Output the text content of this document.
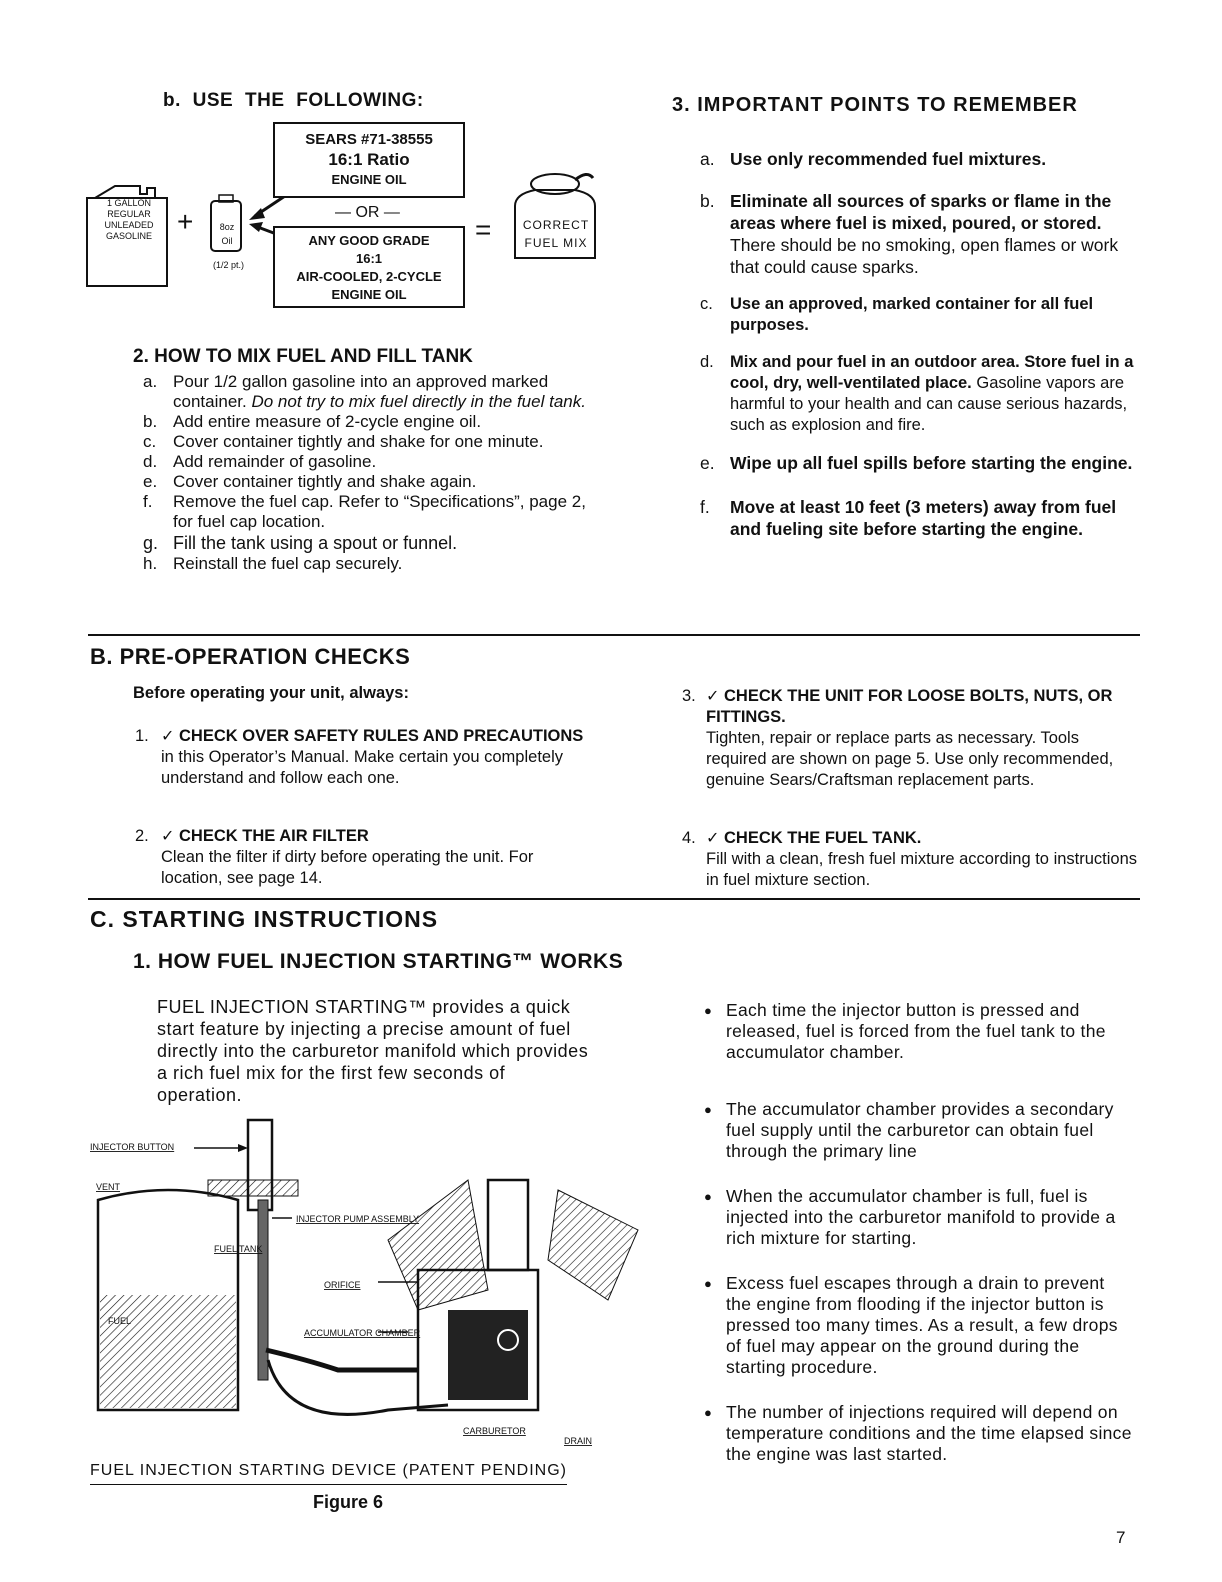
b. USE THE FOLLOWING:
1 GALLON
REGULAR
UNLEADED
GASOLINE +	8oz
Oil
(1/2 pt.)
SEARS #71-38555
16:1 Ratio
ENGINE OIL
— OR —
ANY GOOD GRADE
16:1
AIR-COOLED, 2-CYCLE
ENGINE OIL
=	CORRECT
FUEL MIX
2. HOW TO MIX FUEL AND FILL TANK
a. Pour 1/2 gallon gasoline into an approved marked container. Do not try to mix fuel directly in the fuel tank.
b. Add entire measure of 2-cycle engine oil.
c. Cover container tightly and shake for one minute.
d. Add remainder of gasoline.
e. Cover container tightly and shake again.
f. Remove the fuel cap. Refer to “Specifications”, page 2, for fuel cap location.
g. Fill the tank using a spout or funnel.
h. Reinstall the fuel cap securely.
3. IMPORTANT POINTS TO REMEMBER
a. Use only recommended fuel mixtures.
b. Eliminate all sources of sparks or flame in the areas where fuel is mixed, poured, or stored. There should be no smoking, open flames or work that could cause sparks.
c. Use an approved, marked container for all fuel purposes.
d. Mix and pour fuel in an outdoor area. Store fuel in a cool, dry, well-ventilated place. Gasoline vapors are harmful to your health and can cause serious hazards, such as explosion and fire.
e. Wipe up all fuel spills before starting the engine.
f. Move at least 10 feet (3 meters) away from fuel and fueling site before starting the engine.
B. PRE-OPERATION CHECKS
Before operating your unit, always:
1. ✓ CHECK OVER SAFETY RULES AND PRECAUTIONS in this Operator’s Manual. Make certain you completely understand and follow each one.
2. ✓ CHECK THE AIR FILTER
Clean the filter if dirty before operating the unit. For location, see page 14.
3. ✓ CHECK THE UNIT FOR LOOSE BOLTS, NUTS, OR FITTINGS.
Tighten, repair or replace parts as necessary. Tools required are shown on page 5. Use only recommended, genuine Sears/Craftsman replacement parts.
4. ✓ CHECK THE FUEL TANK.
Fill with a clean, fresh fuel mixture according to instructions in fuel mixture section.
C. STARTING INSTRUCTIONS
1. HOW FUEL INJECTION STARTING™ WORKS
FUEL INJECTION STARTING™ provides a quick start feature by injecting a precise amount of fuel directly into the carburetor manifold which provides a rich fuel mix for the first few seconds of operation.
INJECTOR BUTTON
VENT
INJECTOR PUMP ASSEMBLY
ORIFICE
FUEL
ACCUMULATOR CHAMBER
CARBURETOR
DRAIN
FUEL TANK
FUEL INJECTION STARTING DEVICE (PATENT PENDING)
Figure 6
● Each time the injector button is pressed and released, fuel is forced from the fuel tank to the accumulator chamber.
● The accumulator chamber provides a secondary fuel supply until the carburetor can obtain fuel through the primary line
● When the accumulator chamber is full, fuel is injected into the carburetor manifold to provide a rich mixture for starting.
● Excess fuel escapes through a drain to prevent the engine from flooding if the injector button is pressed too many times. As a result, a few drops of fuel may appear on the ground during the starting procedure.
● The number of injections required will depend on temperature conditions and the time elapsed since the engine was last started.
7
